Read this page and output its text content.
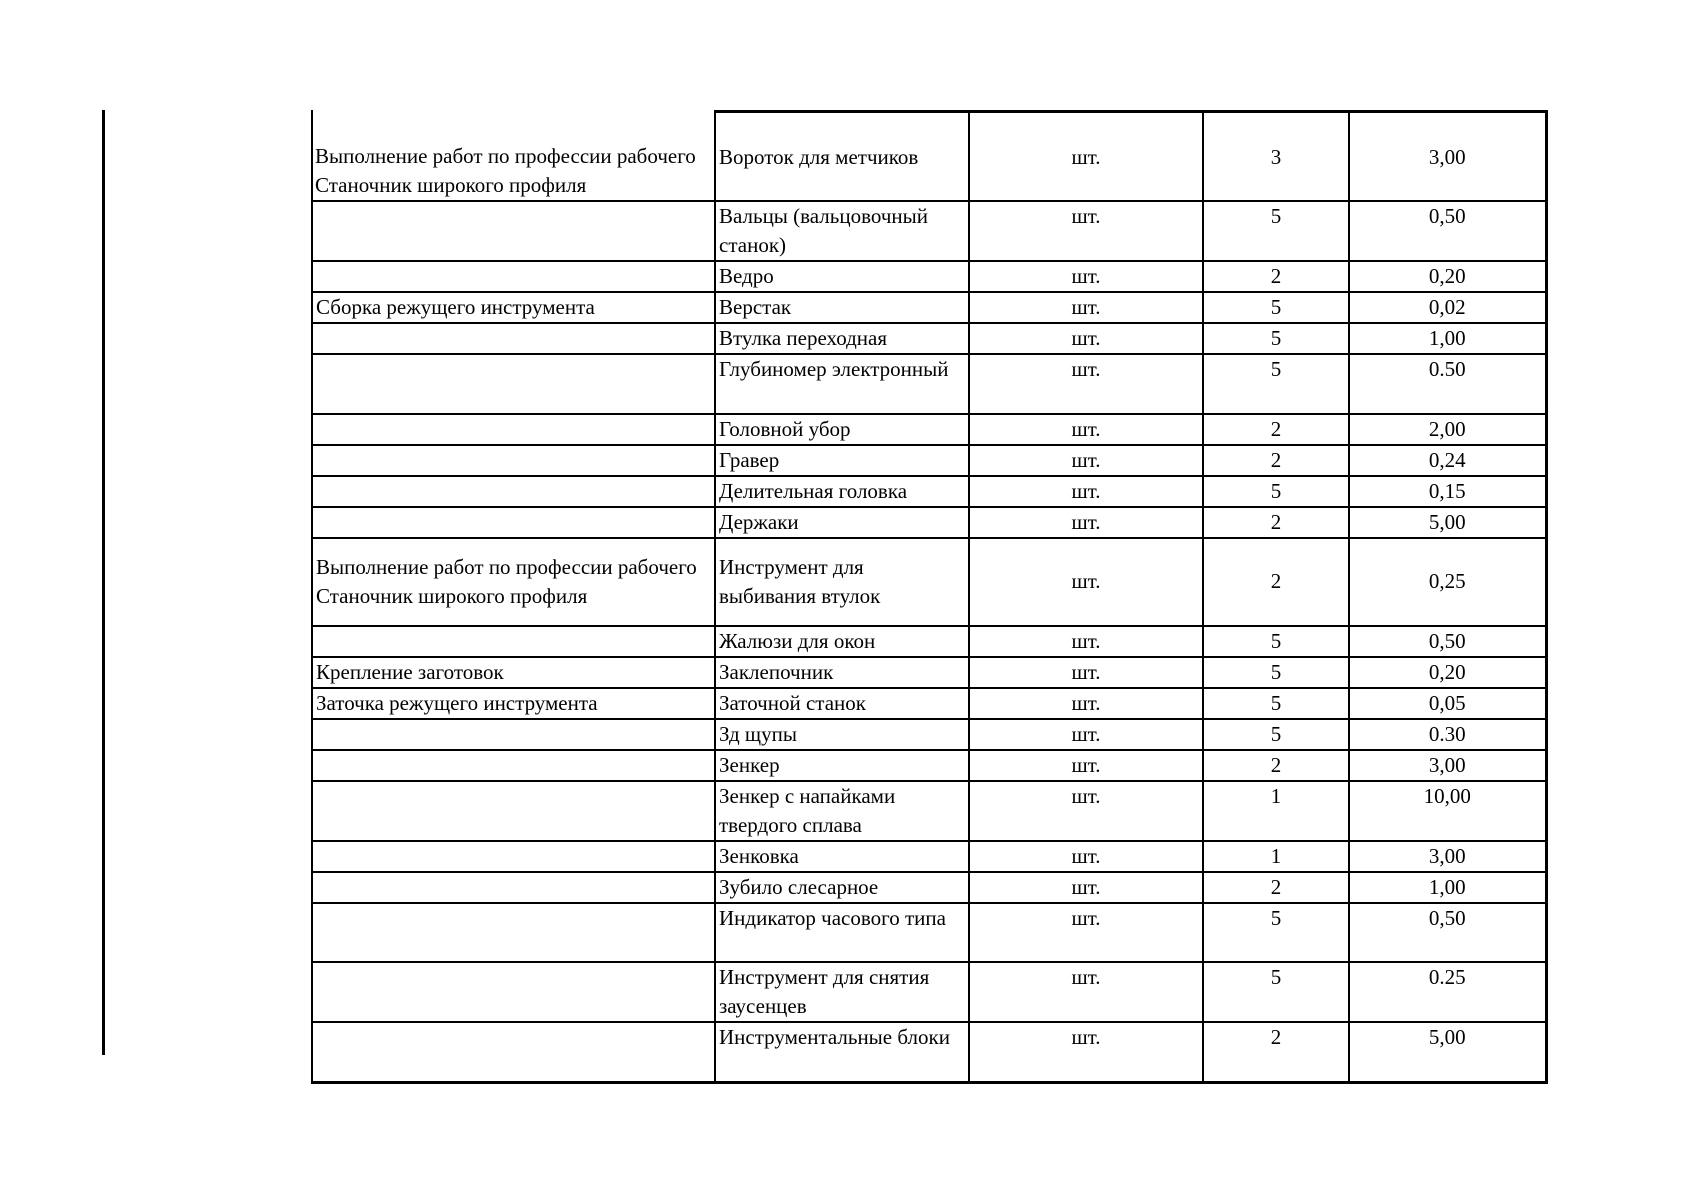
Выполнение работ по профессии рабочего Станочник широкого профиля	Вороток для метчиков	шт.	3	3,00
	Вальцы (вальцовочный станок)	шт.	5	0,50
	Ведро	шт.	2	0,20
Сборка режущего инструмента	Верстак	шт.	5	0,02
	Втулка переходная	шт.	5	1,00
	Глубиномер электронный	шт.	5	0.50
	Головной убор	шт.	2	2,00
	Гравер	шт.	2	0,24
	Делительная головка	шт.	5	0,15
	Держаки	шт.	2	5,00
Выполнение работ по профессии рабочего Станочник широкого профиля	Инструмент для выбивания втулок	шт.	2	0,25
	Жалюзи для окон	шт.	5	0,50
Крепление заготовок	Заклепочник	шт.	5	0,20
Заточка режущего инструмента	Заточной станок	шт.	5	0,05
	Зд щупы	шт.	5	0.30
	Зенкер	шт.	2	3,00
	Зенкер с напайками твердого сплава	шт.	1	10,00
	Зенковка	шт.	1	3,00
	Зубило слесарное	шт.	2	1,00
	Индикатор часового типа	шт.	5	0,50
	Инструмент для снятия заусенцев	шт.	5	0.25
	Инструментальные блоки	шт.	2	5,00
